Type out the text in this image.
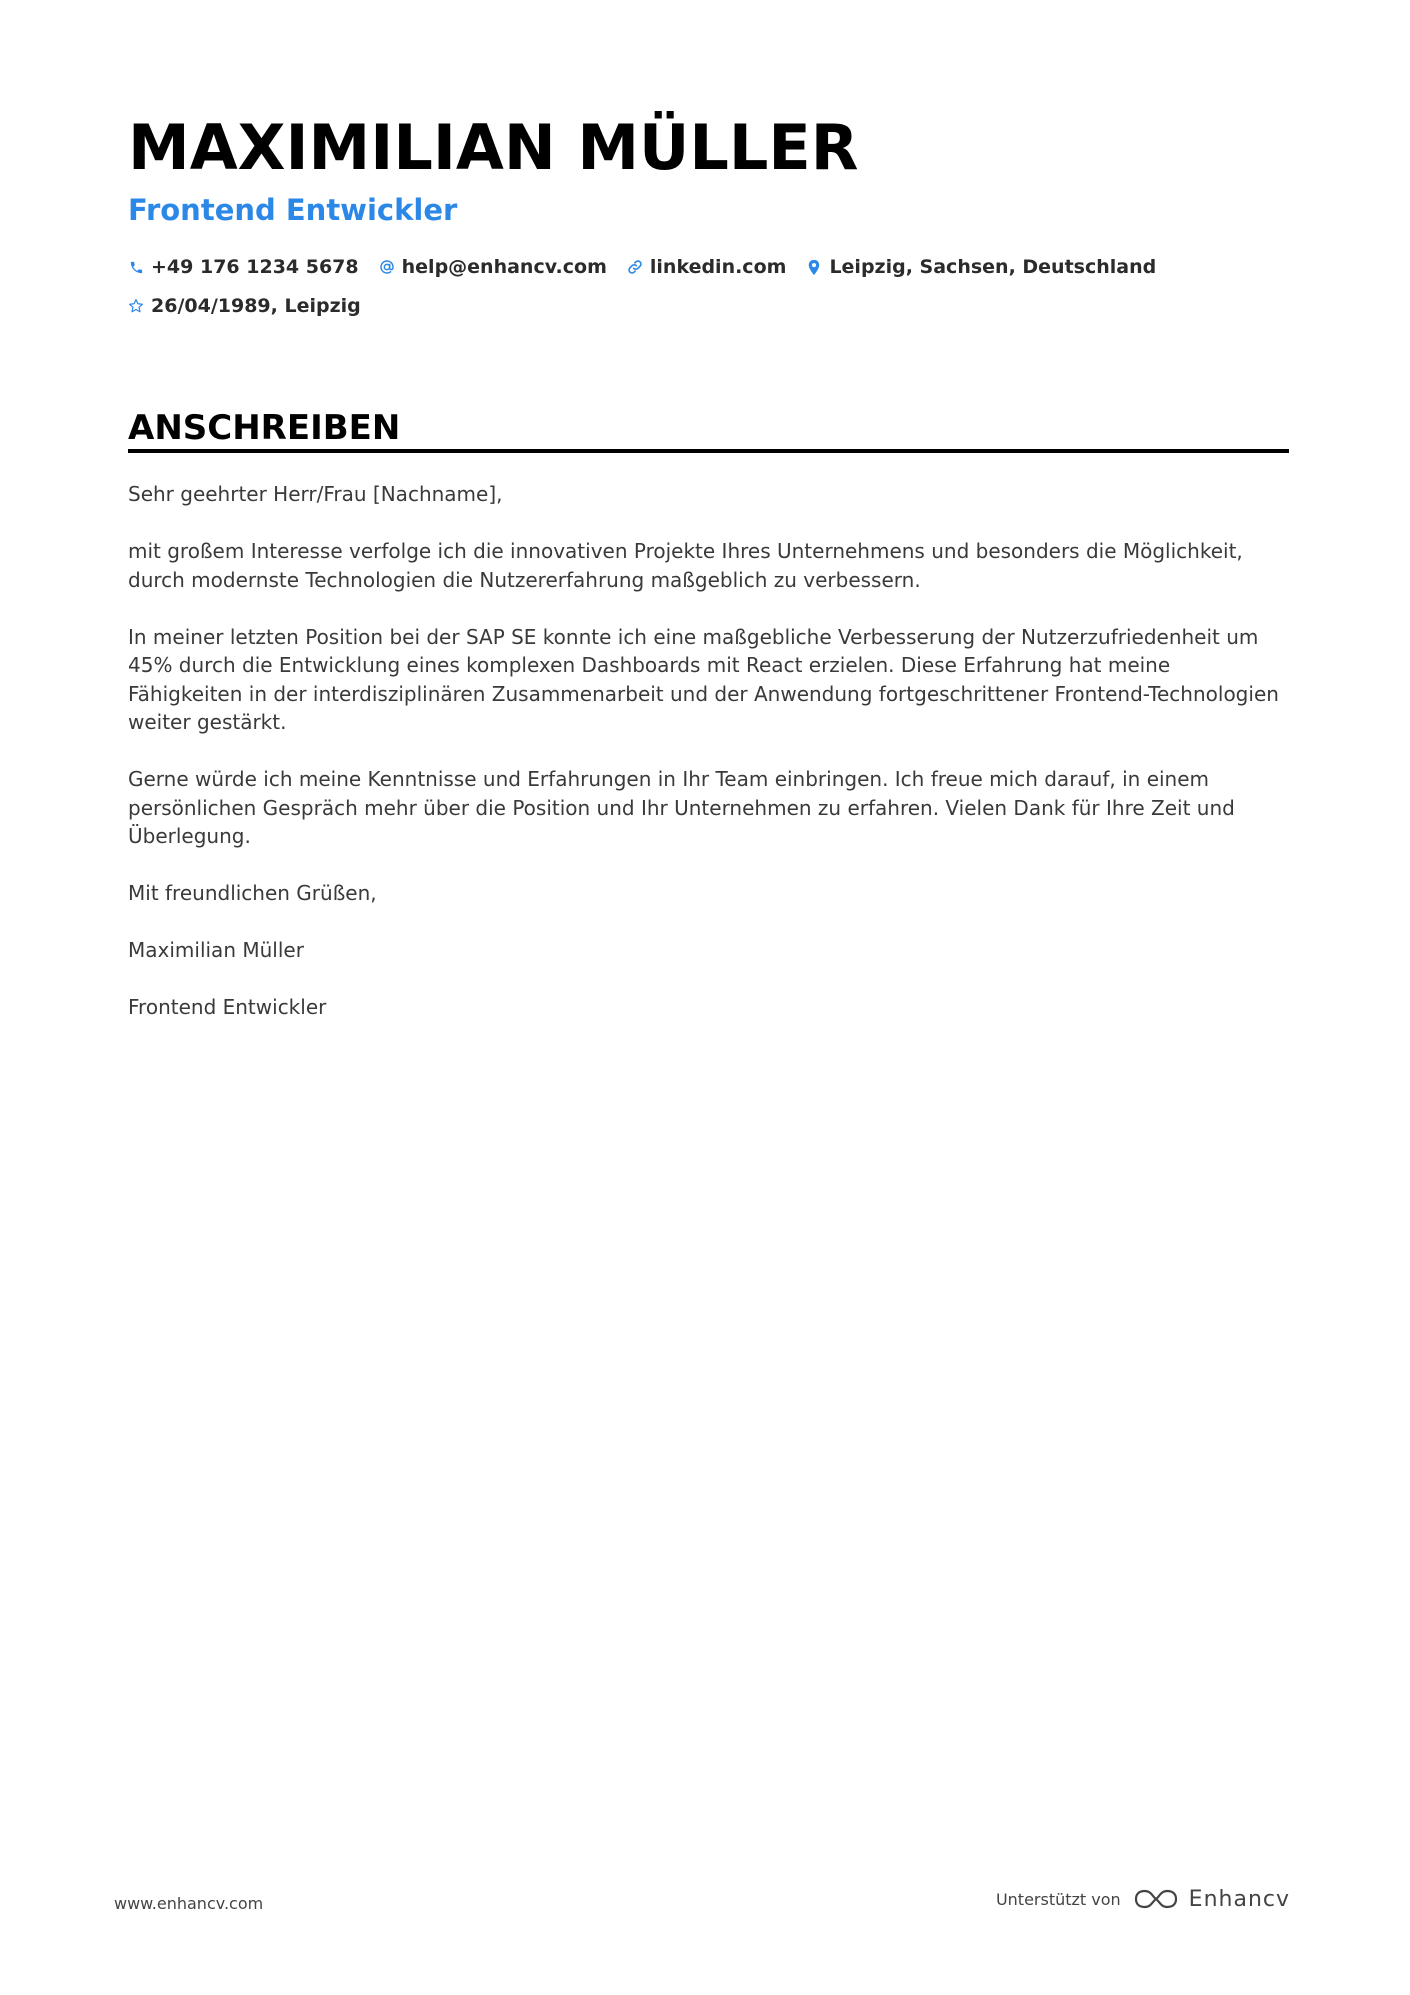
MAXIMILIAN MÜLLER
Frontend Entwickler
+49 176 1234 5678 help@enhancv.com linkedin.com Leipzig, Sachsen, Deutschland
26/04/1989, Leipzig
ANSCHREIBEN

Sehr geehrter Herr/Frau [Nachname],

mit großem Interesse verfolge ich die innovativen Projekte Ihres Unternehmens und besonders die Möglichkeit, durch modernste Technologien die Nutzererfahrung maßgeblich zu verbessern.

In meiner letzten Position bei der SAP SE konnte ich eine maßgebliche Verbesserung der Nutzerzufriedenheit um 45% durch die Entwicklung eines komplexen Dashboards mit React erzielen. Diese Erfahrung hat meine Fähigkeiten in der interdisziplinären Zusammenarbeit und der Anwendung fortgeschrittener Frontend-Technologien weiter gestärkt.

Gerne würde ich meine Kenntnisse und Erfahrungen in Ihr Team einbringen. Ich freue mich darauf, in einem persönlichen Gespräch mehr über die Position und Ihr Unternehmen zu erfahren. Vielen Dank für Ihre Zeit und Überlegung.

Mit freundlichen Grüßen,

Maximilian Müller

Frontend Entwickler

www.enhancv.com	Unterstützt von	Enhancv
